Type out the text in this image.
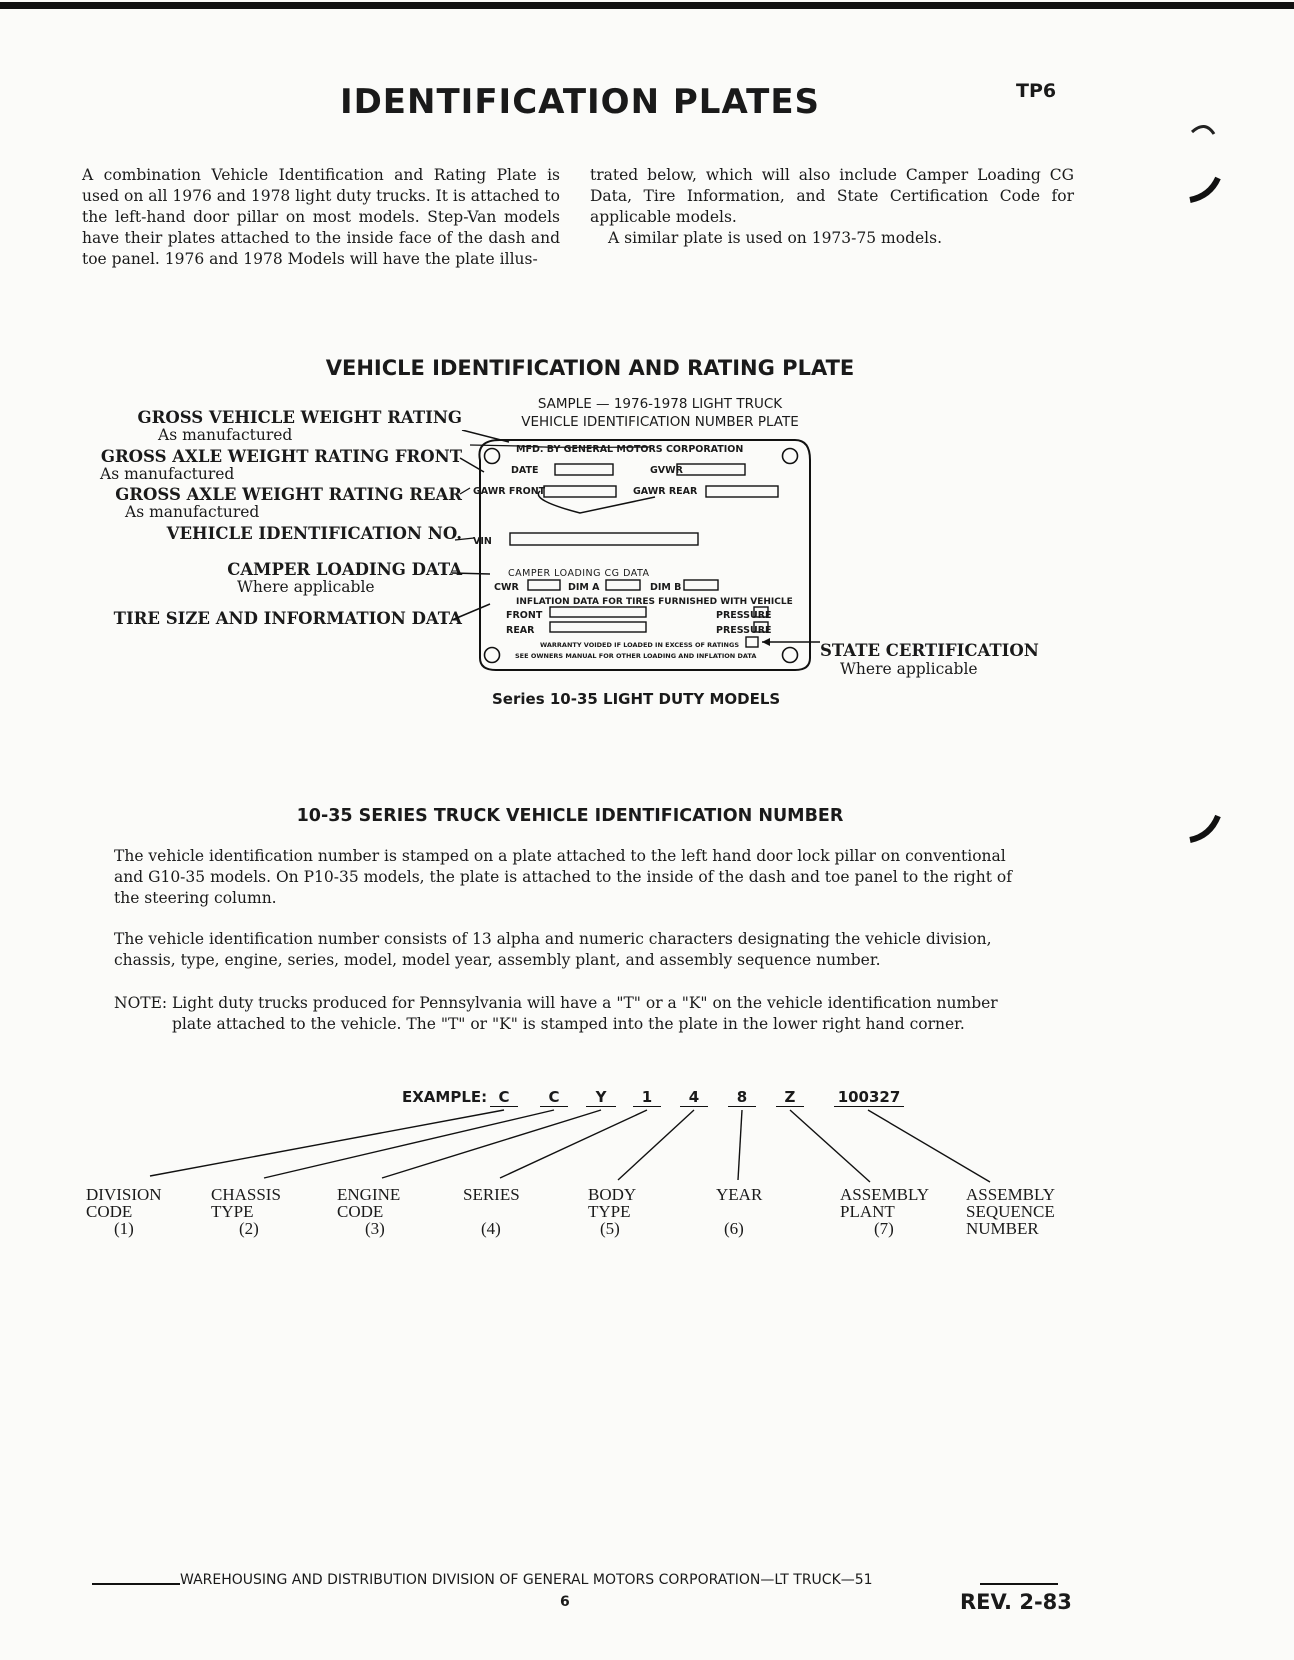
IDENTIFICATION PLATES	TP6

A combination Vehicle Identification and Rating Plate is used on all 1976 and 1978 light duty trucks. It is attached to the left-hand door pillar on most models. Step-Van models have their plates attached to the inside face of the dash and toe panel. 1976 and 1978 Models will have the plate illus-

trated below, which will also include Camper Loading CG Data, Tire Information, and State Certification Code for applicable models.

A similar plate is used on 1973-75 models.

VEHICLE IDENTIFICATION AND RATING PLATE
GROSS VEHICLE WEIGHT RATING
As manufactured
GROSS AXLE WEIGHT RATING FRONT
As manufactured
GROSS AXLE WEIGHT RATING REAR
As manufactured
VEHICLE IDENTIFICATION NO.
CAMPER LOADING DATA
Where applicable
TIRE SIZE AND INFORMATION DATA
STATE CERTIFICATION
Where applicable
SAMPLE — 1976-1978 LIGHT TRUCK
VEHICLE IDENTIFICATION NUMBER PLATE
MFD. BY GENERAL MOTORS CORPORATION
DATE	GVWR
GAWR FRONT	GAWR REAR
VIN
CAMPER LOADING CG DATA
CWR	DIM A	DIM B
INFLATION DATA FOR TIRES FURNISHED WITH VEHICLE
FRONT
REAR
PRESSURE
PRESSURE
WARRANTY VOIDED IF LOADED IN EXCESS OF RATINGS
SEE OWNERS MANUAL FOR OTHER LOADING AND INFLATION DATA
Series 10-35 LIGHT DUTY MODELS
10-35 SERIES TRUCK VEHICLE IDENTIFICATION NUMBER

The vehicle identification number is stamped on a plate attached to the left hand door lock pillar on conventional and G10-35 models. On P10-35 models, the plate is attached to the inside of the dash and toe panel to the right of the steering column.

The vehicle identification number consists of 13 alpha and numeric characters designating the vehicle division, chassis, type, engine, series, model, model year, assembly plant, and assembly sequence number.

NOTE: Light duty trucks produced for Pennsylvania will have a "T" or a "K" on the vehicle identification number plate attached to the vehicle. The "T" or "K" is stamped into the plate in the lower right hand corner.

EXAMPLE: C	C	Y	1	4	8	Z	100327
DIVISION
CODE
(1)
CHASSIS
TYPE
(2)
ENGINE
CODE
(3)
SERIES
(4)
BODY
TYPE
(5)
YEAR
(6)
ASSEMBLY
PLANT
(7)
ASSEMBLY
SEQUENCE
NUMBER
WAREHOUSING AND DISTRIBUTION DIVISION OF GENERAL MOTORS CORPORATION—LT TRUCK—51
6	REV. 2-83
